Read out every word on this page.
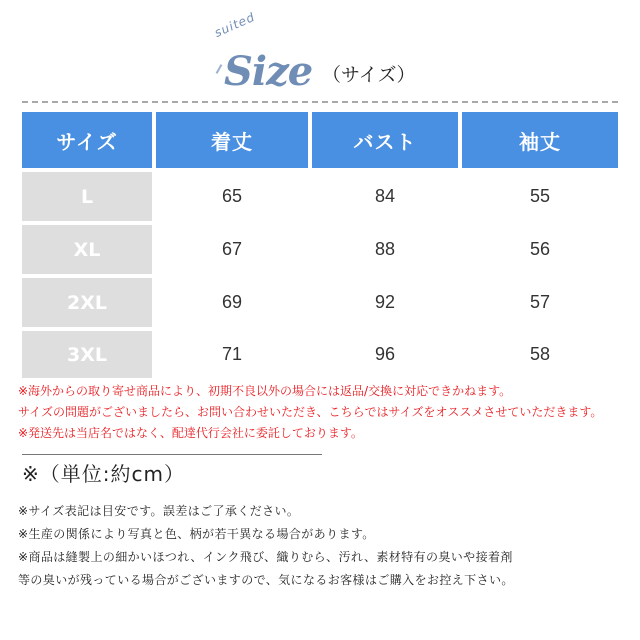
suited
Size （サイズ）
サイズ	着丈	バスト	袖丈
L	65	84	55
XL	67	88	56
2XL	69	92	57
3XL	71	96	58
※海外からの取り寄せ商品により、初期不良以外の場合には返品/交換に対応できかねます。
サイズの問題がございましたら、お問い合わせいただき、こちらではサイズをオススメさせていただきます。
※発送先は当店名ではなく、配達代行会社に委託しております。
※（単位:約cm）
※サイズ表記は目安です。誤差はご了承ください。
※生産の関係により写真と色、柄が若干異なる場合があります。
※商品は縫製上の細かいほつれ、インク飛び、織りむら、汚れ、素材特有の臭いや接着剤
等の臭いが残っている場合がございますので、気になるお客様はご購入をお控え下さい。
